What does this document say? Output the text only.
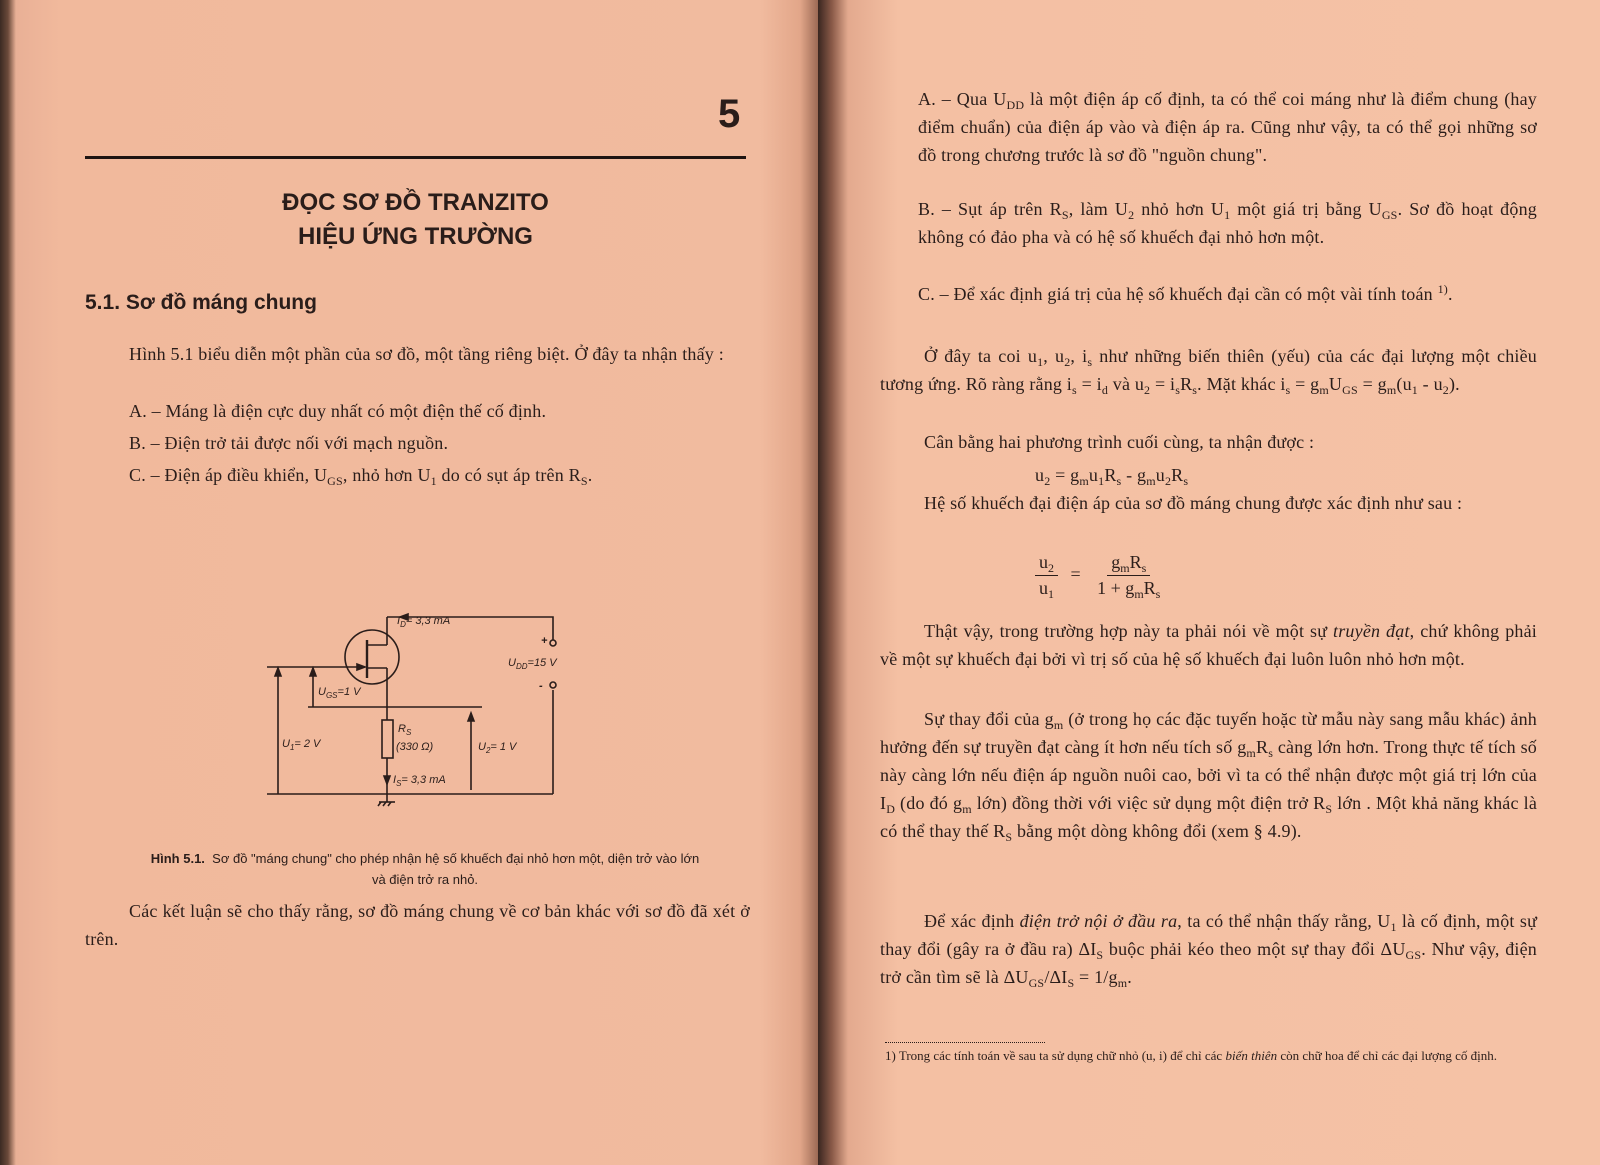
5
ĐỌC SƠ ĐỒ TRANZITO
HIỆU ỨNG TRƯỜNG
5.1. Sơ đồ máng chung
Hình 5.1 biểu diễn một phần của sơ đồ, một tầng riêng biệt. Ở đây ta nhận thấy :
A. – Máng là điện cực duy nhất có một điện thế cố định.
B. – Điện trở tải được nối với mạch nguồn.
C. – Điện áp điều khiển, $U_{GS}$, nhỏ hơn $U_1$ do có sụt áp trên $R_S$.
$I_D= 3,3$ mA
+
$U_{DD}=15$ V
-
$U_{GS}=1$ V
$U_1= 2$ V
$R_S$
(330 Ω)	$U_2= 1$ V
$I_S= 3,3$ mA
Hình 5.1. Sơ đồ "máng chung" cho phép nhận hệ số khuếch đại nhỏ hơn một, diện trở vào lớn và điện trở ra nhỏ.
Các kết luận sẽ cho thấy rằng, sơ đồ máng chung về cơ bản khác với sơ đồ đã xét ở trên.
A. – Qua $U_{DD}$ là một điện áp cố định, ta có thể coi máng như là điểm chung (hay điểm chuẩn) của điện áp vào và điện áp ra. Cũng như vậy, ta có thể gọi những sơ đồ trong chương trước là sơ đồ "nguồn chung".
B. – Sụt áp trên $R_S$, làm $U_2$ nhỏ hơn $U_1$ một giá trị bằng $U_{GS}$. Sơ đồ hoạt động không có đảo pha và có hệ số khuếch đại nhỏ hơn một.
C. – Để xác định giá trị của hệ số khuếch đại cần có một vài tính toán $^{1)}$.
Ở đây ta coi $u_1$, $u_2$, $i_s$ như những biến thiên (yếu) của các đại lượng một chiều tương ứng. Rõ ràng rằng $i_s = i_d$ và $u_2 = i_sR_s$. Mặt khác $i_s = g_mU_{GS} = g_m(u_1 - u_2)$.
Cân bằng hai phương trình cuối cùng, ta nhận được :
$u_2 = g_mu_1R_s - g_mu_2R_s$
Hệ số khuếch đại điện áp của sơ đồ máng chung được xác định như sau :
$\frac{u_2}{u_1} = \frac{g_mR_s}{1 + g_mR_s}$
Thật vậy, trong trường hợp này ta phải nói về một sự truyền đạt, chứ không phải về một sự khuếch đại bởi vì trị số của hệ số khuếch đại luôn luôn nhỏ hơn một.
Sự thay đổi của $g_m$ (ở trong họ các đặc tuyến hoặc từ mẫu này sang mẫu khác) ảnh hưởng đến sự truyền đạt càng ít hơn nếu tích số $g_mR_s$ càng lớn hơn. Trong thực tế tích số này càng lớn nếu điện áp nguồn nuôi cao, bởi vì ta có thể nhận được một giá trị lớn của $I_D$ (do đó $g_m$ lớn) đồng thời với việc sử dụng một điện trở $R_S$ lớn . Một khả năng khác là có thể thay thế $R_S$ bằng một dòng không đổi (xem § 4.9).
Để xác định điện trở nội ở đầu ra, ta có thể nhận thấy rằng, $U_1$ là cố định, một sự thay đổi (gây ra ở đầu ra) $\Delta I_S$ buộc phải kéo theo một sự thay đổi $\Delta U_{GS}$. Như vậy, điện trở cần tìm sẽ là $\Delta U_{GS}/\Delta I_S = 1/g_m$.
1) Trong các tính toán về sau ta sử dụng chữ nhỏ (u, i) để chỉ các biến thiên còn chữ hoa để chỉ các đại lượng cố định.
